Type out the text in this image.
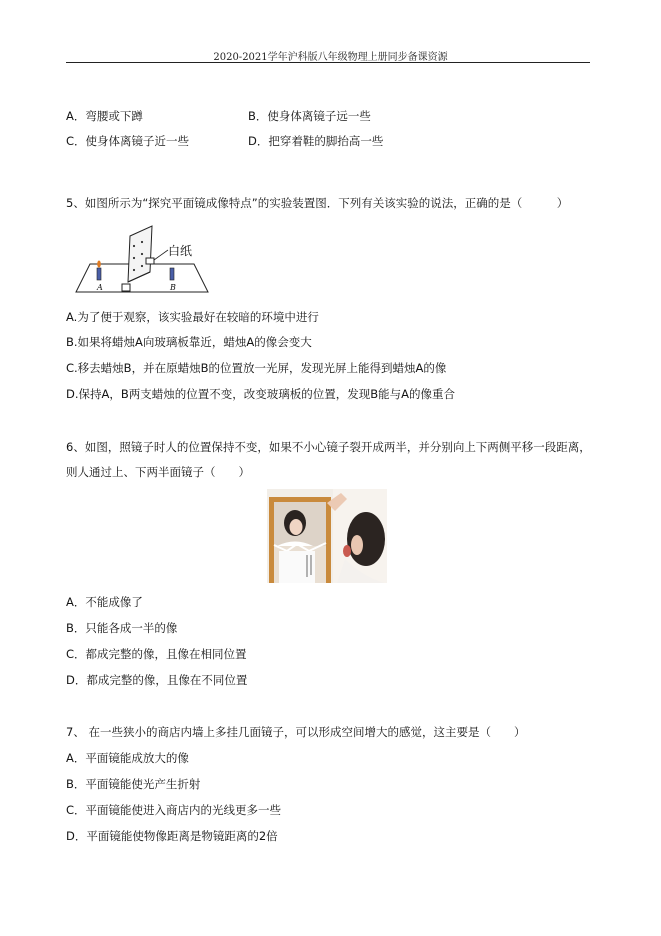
2020-2021学年沪科版八年级物理上册同步备课资源
A．弯腰或下蹲	B．使身体离镜子远一些
C．使身体离镜子近一些	D．把穿着鞋的脚抬高一些
5、如图所示为“探究平面镜成像特点”的实验装置图．下列有关该实验的说法，正确的是（　　　）
白纸
A	B
A.为了便于观察，该实验最好在较暗的环境中进行
B.如果将蜡烛A向玻璃板靠近，蜡烛A的像会变大
C.移去蜡烛B，并在原蜡烛B的位置放一光屏，发现光屏上能得到蜡烛A的像
D.保持A，B两支蜡烛的位置不变，改变玻璃板的位置，发现B能与A的像重合
6、如图，照镜子时人的位置保持不变，如果不小心镜子裂开成两半，并分别向上下两侧平移一段距离，
则人通过上、下两半面镜子（　　）
A．不能成像了
B．只能各成一半的像
C．都成完整的像，且像在相同位置
D．都成完整的像，且像在不同位置
7、 在一些狭小的商店内墙上多挂几面镜子，可以形成空间增大的感觉，这主要是（　　）
A．平面镜能成放大的像
B．平面镜能使光产生折射
C．平面镜能使进入商店内的光线更多一些
D．平面镜能使物像距离是物镜距离的2倍
